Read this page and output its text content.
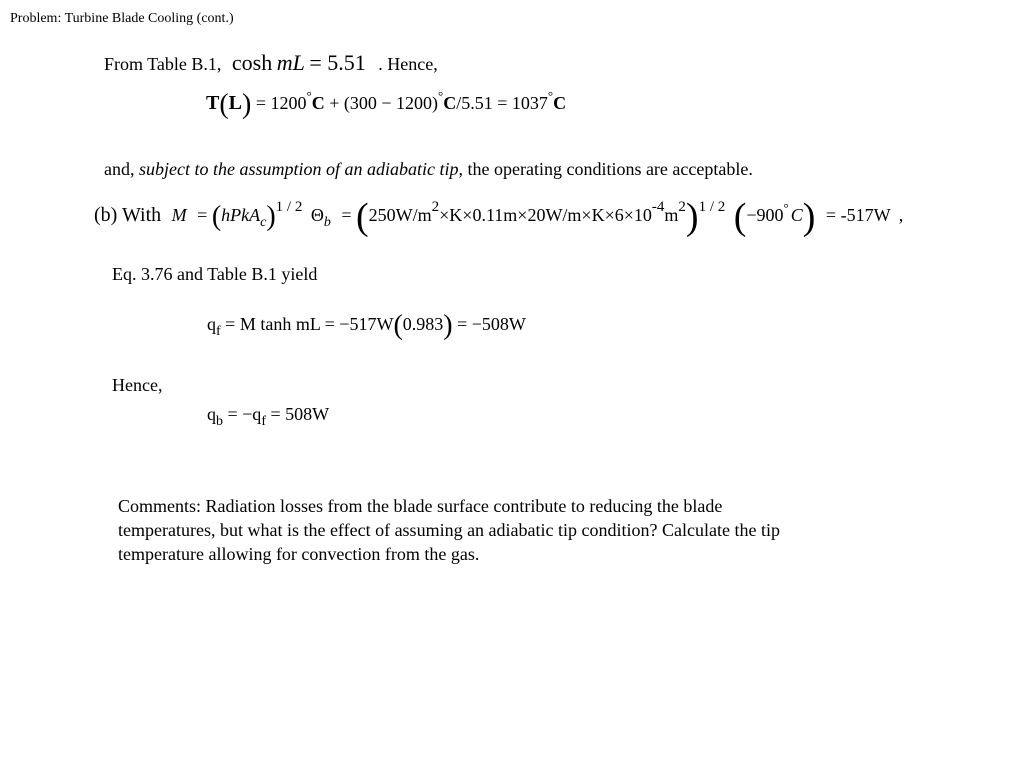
Problem: Turbine Blade Cooling (cont.)
From Table B.1, cosh mL = 5.51 . Hence,
T(L) = 1200°C + (300 − 1200)°C/5.51 = 1037°C
and, subject to the assumption of an adiabatic tip, the operating conditions are acceptable.
(b) With M = (hPkA$_c$)$^{1 / 2}$ $\Theta_b = (250W/m^2\times K\times 0.11m\times 20W/m\times K\times 6\times 10^{-4}m^2)^{1 / 2}$ (−900° C) = -517W ,
Eq. 3.76 and Table B.1 yield
$q_f = M$ tanh mL = −517W(0.983) = −508W
Hence,
$q_b = -q_f = 508W$
Comments: Radiation losses from the blade surface contribute to reducing the blade temperatures, but what is the effect of assuming an adiabatic tip condition? Calculate the tip temperature allowing for convection from the gas.
